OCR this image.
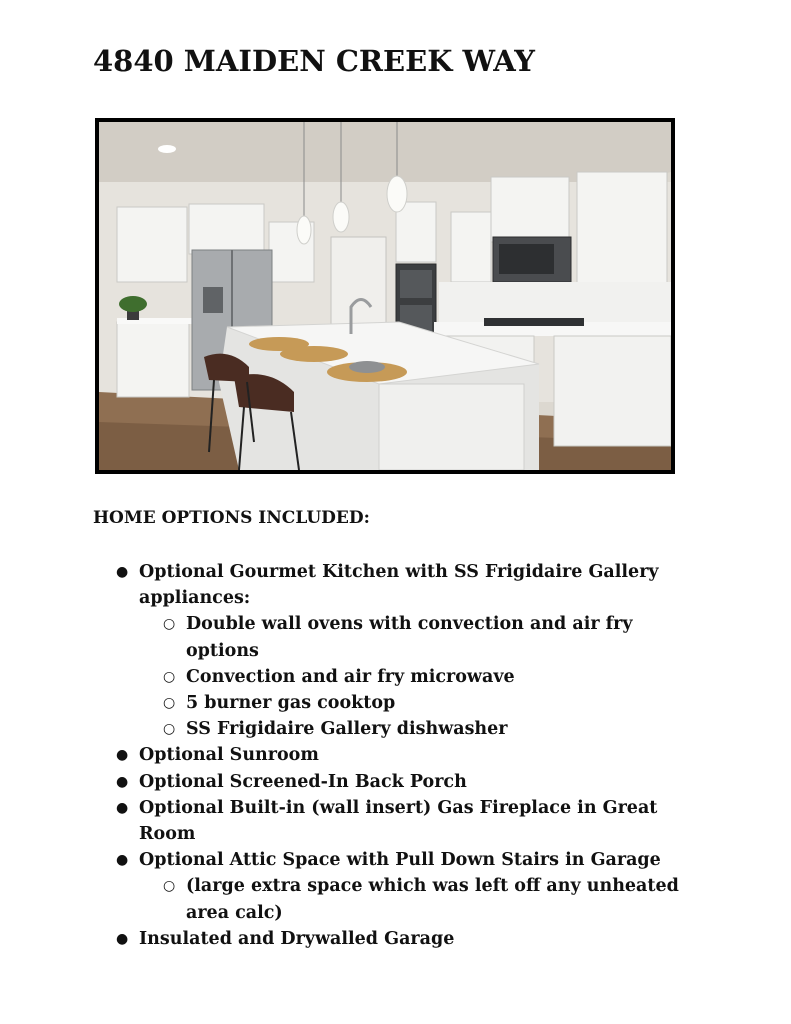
4840 MAIDEN CREEK WAY
HOME OPTIONS INCLUDED:
● Optional Gourmet Kitchen with SS Frigidaire Gallery appliances:
○ Double wall ovens with convection and air fry options
○ Convection and air fry microwave
○ 5 burner gas cooktop
○ SS Frigidaire Gallery dishwasher
● Optional Sunroom
● Optional Screened-In Back Porch
● Optional Built-in (wall insert) Gas Fireplace in Great Room
● Optional Attic Space with Pull Down Stairs in Garage
○ (large extra space which was left off any unheated area calc)
● Insulated and Drywalled Garage
